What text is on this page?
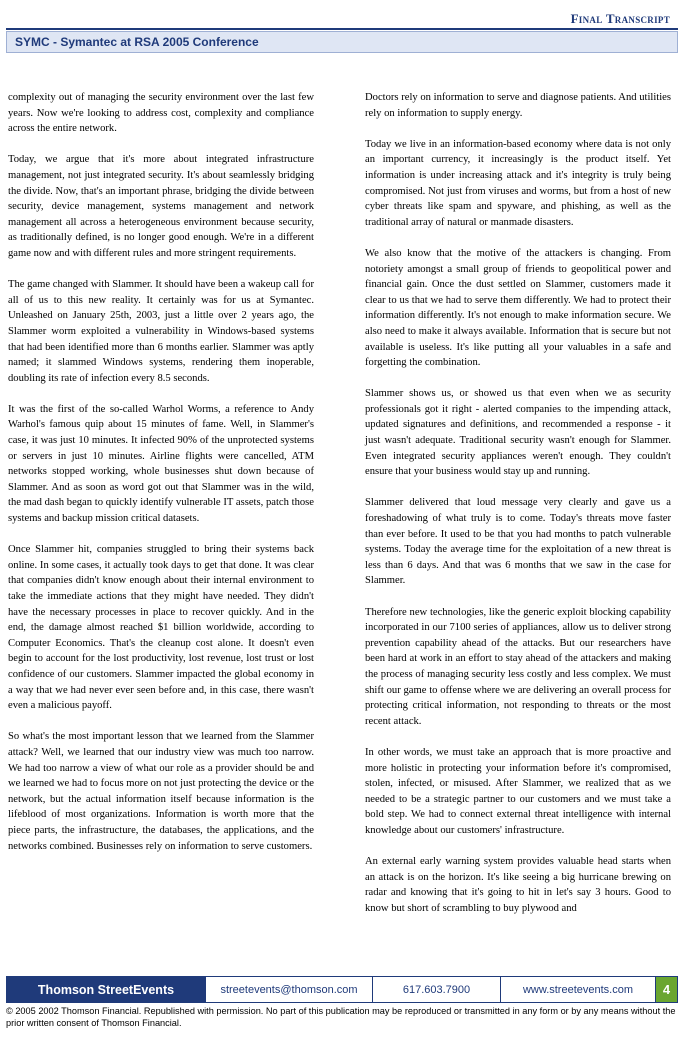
Final Transcript
SYMC - Symantec at RSA 2005 Conference

complexity out of managing the security environment over the last few years. Now we're looking to address cost, complexity and compliance across the entire network.

Today, we argue that it's more about integrated infrastructure management, not just integrated security. It's about seamlessly bridging the divide. Now, that's an important phrase, bridging the divide between security, device management, systems management and network management all across a heterogeneous environment because security, as traditionally defined, is no longer good enough. We're in a different game now and with different rules and more stringent requirements.

The game changed with Slammer. It should have been a wakeup call for all of us to this new reality. It certainly was for us at Symantec. Unleashed on January 25th, 2003, just a little over 2 years ago, the Slammer worm exploited a vulnerability in Windows-based systems that had been identified more than 6 months earlier. Slammer was aptly named; it slammed Windows systems, rendering them inoperable, doubling its rate of infection every 8.5 seconds.

It was the first of the so-called Warhol Worms, a reference to Andy Warhol's famous quip about 15 minutes of fame. Well, in Slammer's case, it was just 10 minutes. It infected 90% of the unprotected systems or servers in just 10 minutes. Airline flights were cancelled, ATM networks stopped working, whole businesses shut down because of Slammer. And as soon as word got out that Slammer was in the wild, the mad dash began to quickly identify vulnerable IT assets, patch those systems and backup mission critical datasets.

Once Slammer hit, companies struggled to bring their systems back online. In some cases, it actually took days to get that done. It was clear that companies didn't know enough about their internal environment to take the immediate actions that they might have needed. They didn't have the necessary processes in place to recover quickly. And in the end, the damage almost reached $1 billion worldwide, according to Computer Economics. That's the cleanup cost alone. It doesn't even begin to account for the lost productivity, lost revenue, lost trust or lost confidence of our customers. Slammer impacted the global economy in a way that we had never ever seen before and, in this case, there wasn't even a malicious payoff.

So what's the most important lesson that we learned from the Slammer attack? Well, we learned that our industry view was much too narrow. We had too narrow a view of what our role as a provider should be and we learned we had to focus more on not just protecting the device or the network, but the actual information itself because information is the lifeblood of most organizations. Information is worth more that the piece parts, the infrastructure, the databases, the applications, and the networks combined. Businesses rely on information to serve customers.

Doctors rely on information to serve and diagnose patients. And utilities rely on information to supply energy.

Today we live in an information-based economy where data is not only an important currency, it increasingly is the product itself. Yet information is under increasing attack and it's integrity is truly being compromised. Not just from viruses and worms, but from a host of new cyber threats like spam and spyware, and phishing, as well as the traditional array of natural or manmade disasters.

We also know that the motive of the attackers is changing. From notoriety amongst a small group of friends to geopolitical power and financial gain. Once the dust settled on Slammer, customers made it clear to us that we had to serve them differently. We had to protect their information differently. It's not enough to make information secure. We also need to make it always available. Information that is secure but not available is useless. It's like putting all your valuables in a safe and forgetting the combination.

Slammer shows us, or showed us that even when we as security professionals got it right - alerted companies to the impending attack, updated signatures and definitions, and recommended a response - it just wasn't adequate. Traditional security wasn't enough for Slammer. Even integrated security appliances weren't enough. They couldn't ensure that your business would stay up and running.

Slammer delivered that loud message very clearly and gave us a foreshadowing of what truly is to come. Today's threats move faster than ever before. It used to be that you had months to patch vulnerable systems. Today the average time for the exploitation of a new threat is less than 6 days. And that was 6 months that we saw in the case for Slammer.

Therefore new technologies, like the generic exploit blocking capability incorporated in our 7100 series of appliances, allow us to deliver strong prevention capability ahead of the attacks. But our researchers have been hard at work in an effort to stay ahead of the attackers and making the process of managing security less costly and less complex. We must shift our game to offense where we are delivering an overall process for protecting critical information, not responding to threats or the most recent attack.

In other words, we must take an approach that is more proactive and more holistic in protecting your information before it's compromised, stolen, infected, or misused. After Slammer, we realized that as we needed to be a strategic partner to our customers and we must take a bold step. We had to connect external threat intelligence with internal knowledge about our customers' infrastructure.

An external early warning system provides valuable head starts when an attack is on the horizon. It's like seeing a big hurricane brewing on radar and knowing that it's going to hit in let's say 3 hours. Good to know but short of scrambling to buy plywood and

Thomson StreetEvents	streetevents@thomson.com	617.603.7900	www.streetevents.com	4
© 2005 2002 Thomson Financial. Republished with permission. No part of this publication may be reproduced or transmitted in any form or by any means without the prior written consent of Thomson Financial.
